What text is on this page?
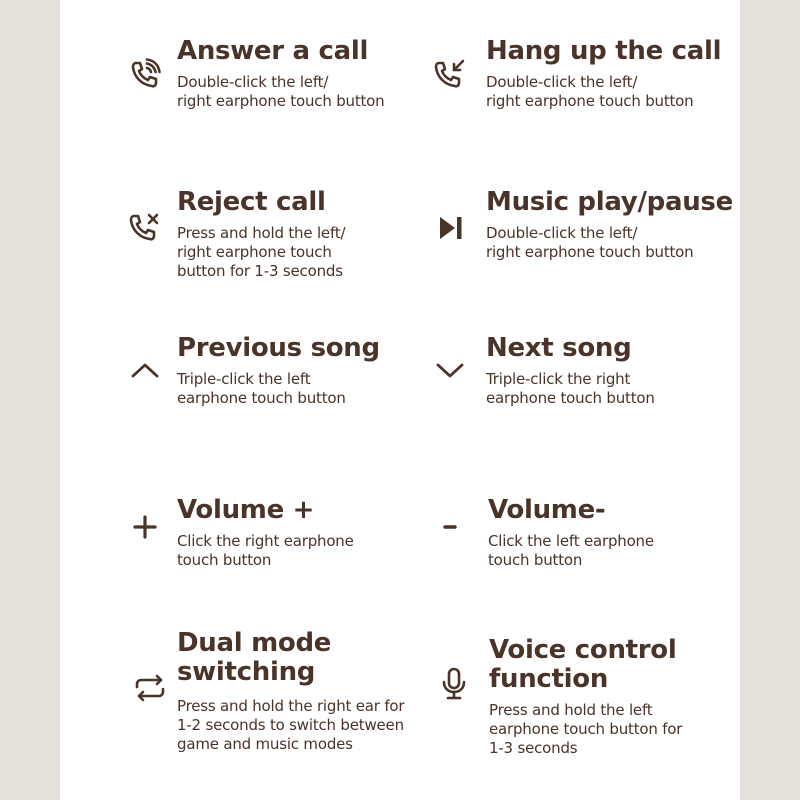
Answer a call
Double-click the left/
right earphone touch button
Hang up the call
Double-click the left/
right earphone touch button
Reject call
Press and hold the left/
right earphone touch
button for 1-3 seconds
Music play/pause
Double-click the left/
right earphone touch button
Previous song
Triple-click the left
earphone touch button
Next song
Triple-click the right
earphone touch button
Volume +
Click the right earphone
touch button
Volume-
Click the left earphone
touch button
Dual mode
switching
Press and hold the right ear for
1-2 seconds to switch between
game and music modes
Voice control
function
Press and hold the left
earphone touch button for
1-3 seconds
